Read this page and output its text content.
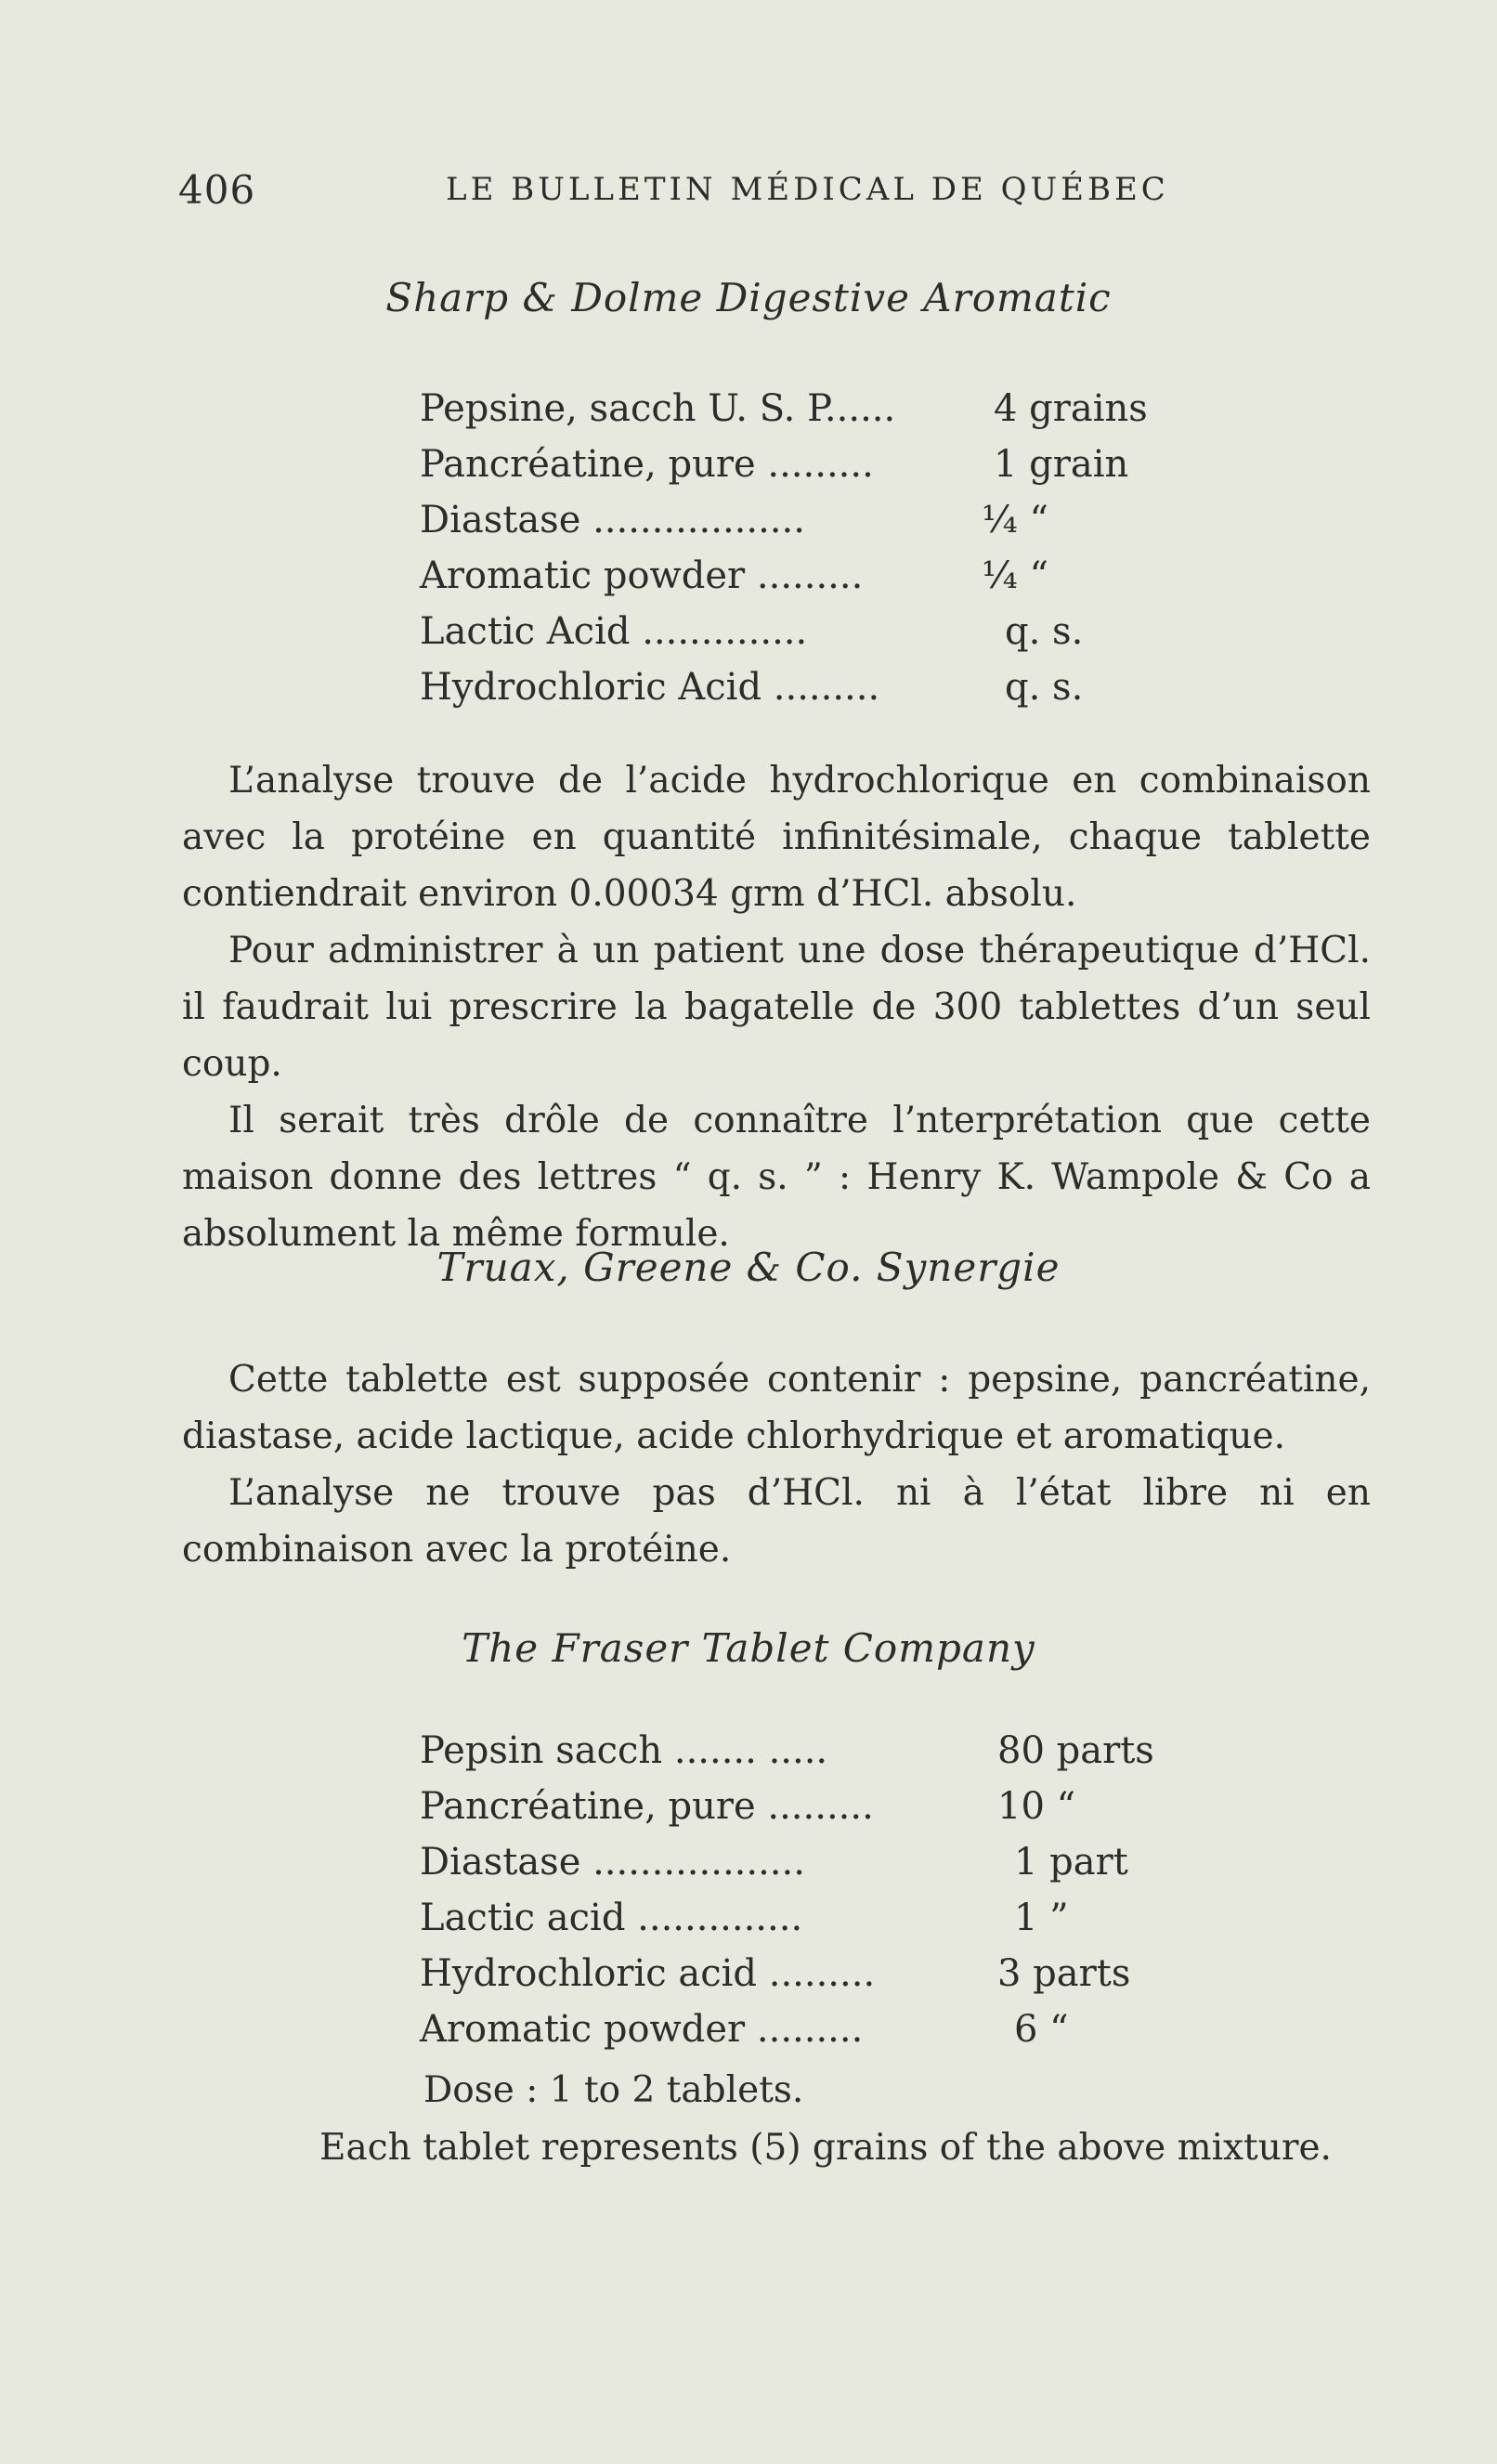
406	LE BULLETIN MÉDICAL DE QUÉBEC
Sharp & Dolme Digestive Aromatic
Pepsine, sacch U. S. P......	4 grains
Pancréatine, pure .........	1 grain
Diastase ..................	¼ “
Aromatic powder .........	¼ “
Lactic Acid ..............	q. s.
Hydrochloric Acid .........	q. s.

L’analyse trouve de l’acide hydrochlorique en combinaison avec la protéine en quantité infinitésimale, chaque tablette contiendrait environ 0.00034 grm d’HCl. absolu.

Pour administrer à un patient une dose thérapeutique d’HCl. il faudrait lui prescrire la bagatelle de 300 tablettes d’un seul coup.

Il serait très drôle de connaître l’nterprétation que cette maison donne des lettres “ q. s. ” : Henry K. Wampole & Co a absolument la même formule.

Truax, Greene & Co. Synergie

Cette tablette est supposée contenir : pepsine, pancréatine, diastase, acide lactique, acide chlorhydrique et aromatique.

L’analyse ne trouve pas d’HCl. ni à l’état libre ni en combinaison avec la protéine.

The Fraser Tablet Company
Pepsin sacch ....... .....	80 parts
Pancréatine, pure .........	10 “
Diastase ..................	1 part
Lactic acid ..............	1 ”
Hydrochloric acid .........	3 parts
Aromatic powder .........	6 “
Dose : 1 to 2 tablets.
Each tablet represents (5) grains of the above mixture.
